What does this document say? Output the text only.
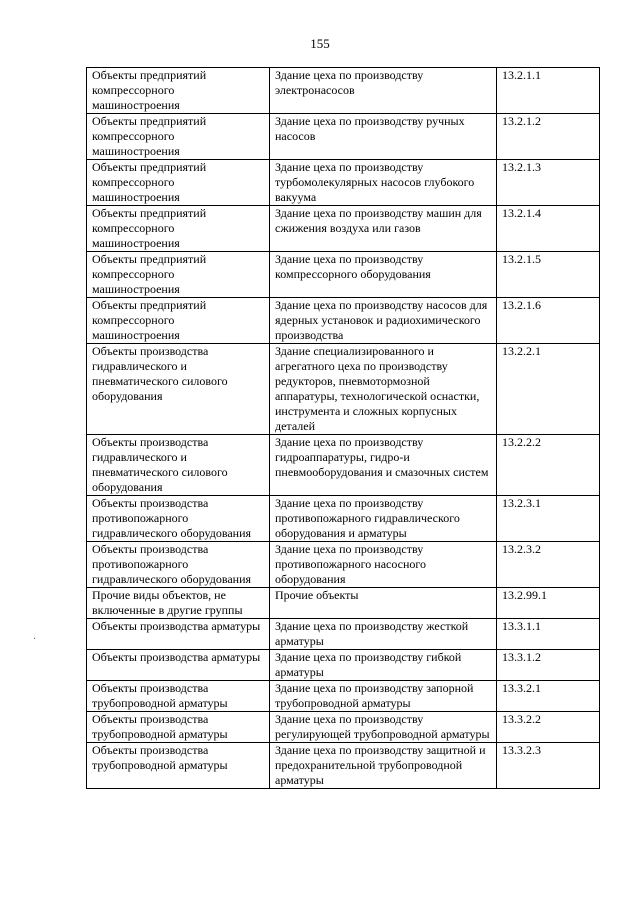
155
·
Объекты предприятий компрессорного машиностроения	Здание цеха по производству электронасосов	13.2.1.1
Объекты предприятий компрессорного машиностроения	Здание цеха по производству ручных насосов	13.2.1.2
Объекты предприятий компрессорного машиностроения	Здание цеха по производству турбомолекулярных насосов глубокого вакуума	13.2.1.3
Объекты предприятий компрессорного машиностроения	Здание цеха по производству машин для сжижения воздуха или газов	13.2.1.4
Объекты предприятий компрессорного машиностроения	Здание цеха по производству компрессорного оборудования	13.2.1.5
Объекты предприятий компрессорного машиностроения	Здание цеха по производству насосов для ядерных установок и радиохимического производства	13.2.1.6
Объекты производства гидравлического и пневматического силового оборудования	Здание специализированного и агрегатного цеха по производству редукторов, пневмотормозной аппаратуры, технологической оснастки, инструмента и сложных корпусных деталей	13.2.2.1
Объекты производства гидравлического и пневматического силового оборудования	Здание цеха по производству гидроаппаратуры, гидро-и пневмооборудования и смазочных систем	13.2.2.2
Объекты производства противопожарного гидравлического оборудования	Здание цеха по производству противопожарного гидравлического оборудования и арматуры	13.2.3.1
Объекты производства противопожарного гидравлического оборудования	Здание цеха по производству противопожарного насосного оборудования	13.2.3.2
Прочие виды объектов, не включенные в другие группы	Прочие объекты	13.2.99.1
Объекты производства арматуры	Здание цеха по производству жесткой арматуры	13.3.1.1
Объекты производства арматуры	Здание цеха по производству гибкой арматуры	13.3.1.2
Объекты производства трубопроводной арматуры	Здание цеха по производству запорной трубопроводной арматуры	13.3.2.1
Объекты производства трубопроводной арматуры	Здание цеха по производству регулирующей трубопроводной арматуры	13.3.2.2
Объекты производства трубопроводной арматуры	Здание цеха по производству защитной и предохранительной трубопроводной арматуры	13.3.2.3
